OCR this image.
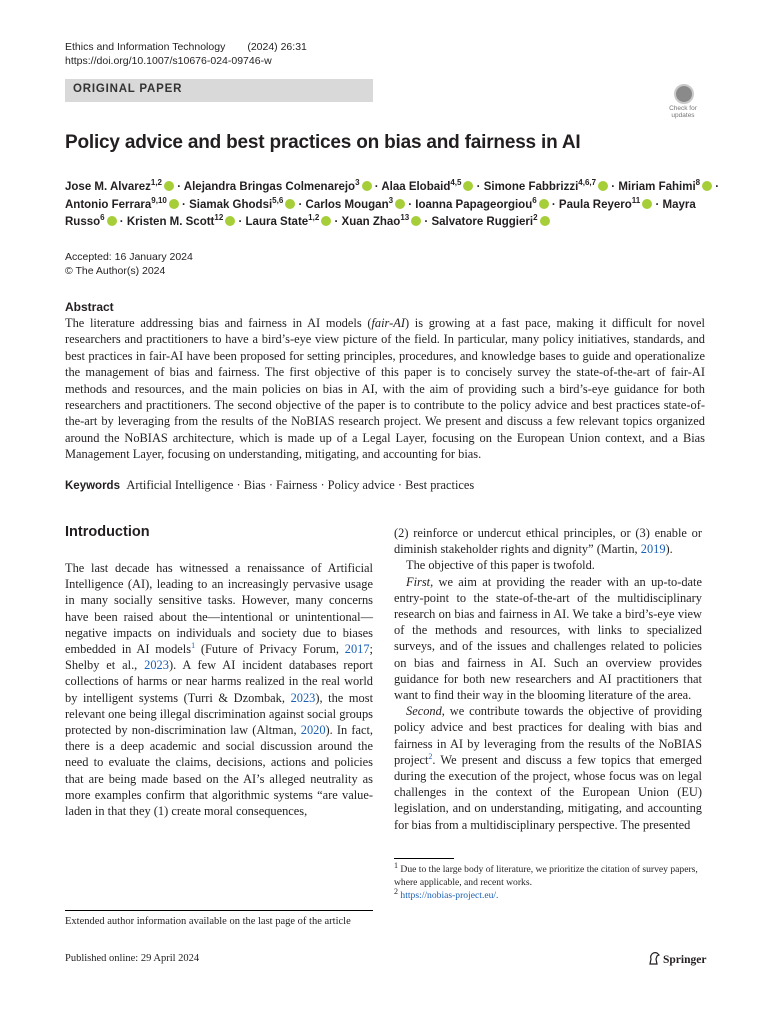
Ethics and Information Technology (2024) 26:31
https://doi.org/10.1007/s10676-024-09746-w
ORIGINAL PAPER
Check for updates
Policy advice and best practices on bias and fairness in AI
Jose M. Alvarez$^{1,2}$ · Alejandra Bringas Colmenarejo$^3$ · Alaa Elobaid$^{4,5}$ · Simone Fabbrizzi$^{4,6,7}$ · Miriam Fahimi$^8$ · Antonio Ferrara$^{9,10}$ · Siamak Ghodsi$^{5,6}$ · Carlos Mougan$^3$ · Ioanna Papageorgiou$^6$ · Paula Reyero$^{11}$ · Mayra Russo$^6$ · Kristen M. Scott$^{12}$ · Laura State$^{1,2}$ · Xuan Zhao$^{13}$ · Salvatore Ruggieri$^2$
Accepted: 16 January 2024
© The Author(s) 2024
Abstract

The literature addressing bias and fairness in AI models (fair-AI) is growing at a fast pace, making it difficult for novel researchers and practitioners to have a bird’s-eye view picture of the field. In particular, many policy initiatives, standards, and best practices in fair-AI have been proposed for setting principles, procedures, and knowledge bases to guide and operationalize the management of bias and fairness. The first objective of this paper is to concisely survey the state-of-the-art of fair-AI methods and resources, and the main policies on bias in AI, with the aim of providing such a bird’s-eye guidance for both researchers and practitioners. The second objective of the paper is to contribute to the policy advice and best practices state-of-the-art by leveraging from the results of the NoBIAS research project. We present and discuss a few relevant topics organized around the NoBIAS architecture, which is made up of a Legal Layer, focusing on the European Union context, and a Bias Management Layer, focusing on understanding, mitigating, and accounting for bias.

Keywords Artificial Intelligence · Bias · Fairness · Policy advice · Best practices
Introduction

The last decade has witnessed a renaissance of Artificial Intelligence (AI), leading to an increasingly pervasive usage in many socially sensitive tasks. However, many concerns have been raised about the—intentional or unintentional—negative impacts on individuals and society due to biases embedded in AI models$^1$ (Future of Privacy Forum, 2017; Shelby et al., 2023). A few AI incident databases report collections of harms or near harms realized in the real world by intelligent systems (Turri & Dzombak, 2023), the most relevant one being illegal discrimination against social groups protected by non-discrimination law (Altman, 2020). In fact, there is a deep academic and social discussion around the need to evaluate the claims, decisions, actions and policies that are being made based on the AI’s alleged neutrality as more examples confirm that algorithmic systems “are value-laden in that they (1) create moral consequences,

(2) reinforce or undercut ethical principles, or (3) enable or diminish stakeholder rights and dignity” (Martin, 2019).

The objective of this paper is twofold.

First, we aim at providing the reader with an up-to-date entry-point to the state-of-the-art of the multidisciplinary research on bias and fairness in AI. We take a bird’s-eye view of the methods and resources, with links to specialized surveys, and of the issues and challenges related to policies on bias and fairness in AI. Such an overview provides guidance for both new researchers and AI practitioners that want to find their way in the blooming literature of the area.

Second, we contribute towards the objective of providing policy advice and best practices for dealing with bias and fairness in AI by leveraging from the results of the NoBIAS project$^2$. We present and discuss a few topics that emerged during the execution of the project, whose focus was on legal challenges in the context of the European Union (EU) legislation, and on understanding, mitigating, and accounting for bias from a multidisciplinary perspective. The presented

$^1$ Due to the large body of literature, we prioritize the citation of survey papers, where applicable, and recent works.

$^2$ https://nobias-project.eu/.

Extended author information available on the last page of the article
Published online: 29 April 2024	Springer
